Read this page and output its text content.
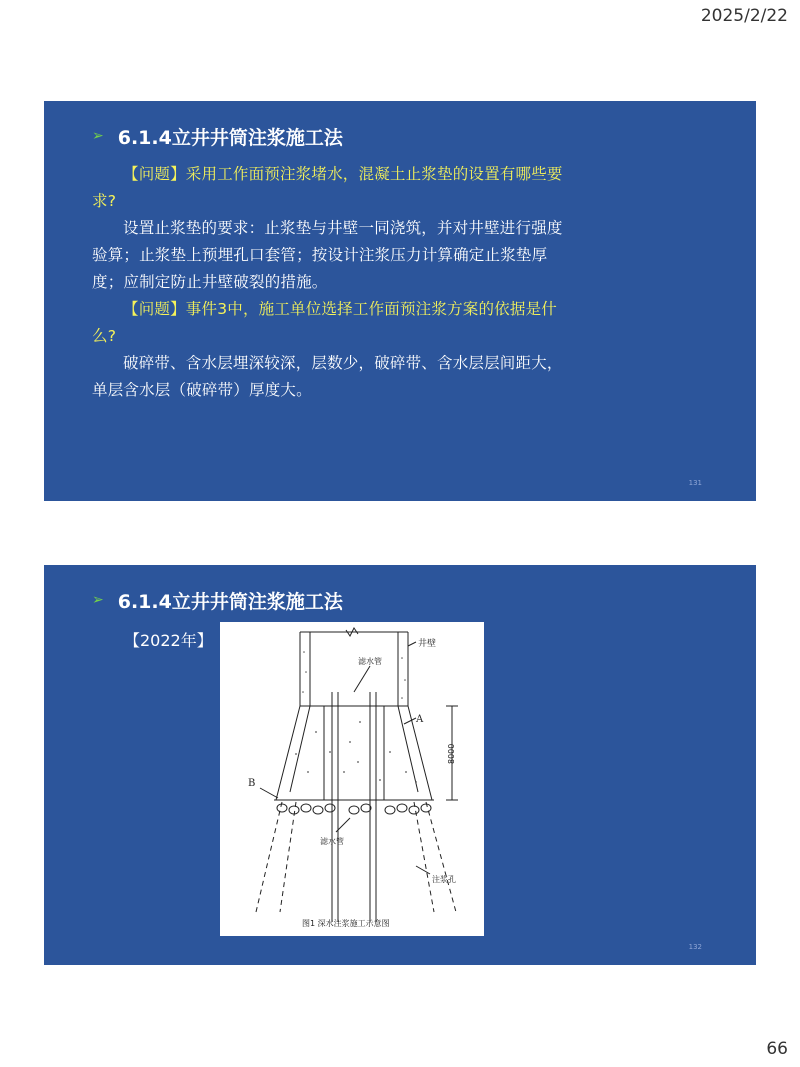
2025/2/22
➢ 6.1.4立井井筒注浆施工法

【问题】采用工作面预注浆堵水，混凝土止浆垫的设置有哪些要求?

设置止浆垫的要求：止浆垫与井壁一同浇筑，并对井壁进行强度验算；止浆垫上预埋孔口套管；按设计注浆压力计算确定止浆垫厚度；应制定防止井壁破裂的措施。

【问题】事件3中，施工单位选择工作面预注浆方案的依据是什么?

破碎带、含水层埋深较深，层数少，破碎带、含水层层间距大，单层含水层（破碎带）厚度大。

131
➢ 6.1.4立井井筒注浆施工法
【2022年】	井壁
滤水管
A
B
8000
滤水管
注浆孔
图1 深水注浆施工示意图
132
66
